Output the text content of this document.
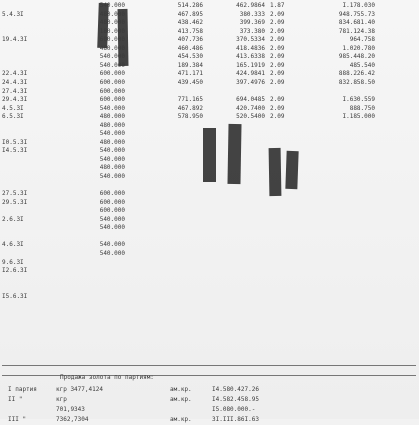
540.000	514.286	462.9864 1.87	I.178.030
5.4.3I	480.000	467.895	380.333 2.09	948.755.73
480.000	438.462	399.369 2.09	834.681.40
180.000	413.758	373.380 2.09	781.124.38
19.4.3I	600.000	407.736	370.5334 2.09	964.758
480.000	460.486	418.4836 2.09	1.020.780
540.000	454.530	413.6338 2.09	985.448.20
540.000	189.384	165.1919 2.09	485.540
22.4.3I	600.000	471.171	424.9841 2.09	888.226.42
24.4.3I	600.000	439.450	397.4976 2.09	832.858.50
27.4.3I	600.000
29.4.3I	600.000	771.165	694.0485 2.09	I.630.559
4.5.3I	540.000	467.892	420.7400 2.09	888.750
6.5.3I	480.000	578.950	520.5400 2.09	I.185.000
480.000
540.000
I0.5.3I	480.000
I4.5.3I	540.000
540.000
480.000
540.000
27.5.3I	600.000
29.5.3I	600.000
600.000
2.6.3I	540.000
540.000
4.6.3I	540.000
540.000
9.6.3I
I2.6.3I
I5.6.3I
Продажа золота по партиям:
I партия	кгр 3477,4124	ам.кр.	I4.580.427.26
II "	кгр	ам.кр.	I4.582.458.95
701,9343	I5.080.000.-
III "	7362,7304	ам.кр.	3I.III.86I.63
